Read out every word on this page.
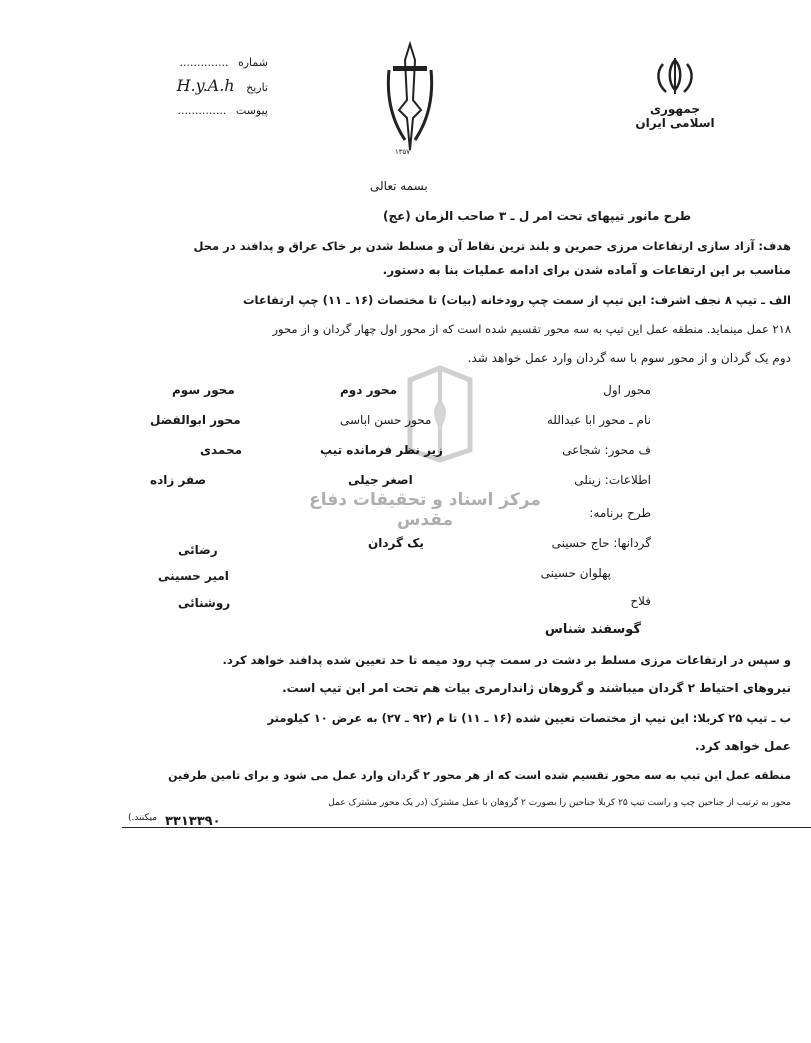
شماره ..............
تاریخ H.y.A.h
پیوست ..............
۱۳۵۷
جمهوری اسلامی ایران
مرکز اسناد و تحقیقات دفاع مقدس
بسمه تعالی
طرح مانور تیپهای تحت امر ل ـ ۳ صاحب الزمان (عج)
هدف: آزاد سازی ارتفاعات مرزی حمرین و بلند ترین نقاط آن و مسلط شدن بر خاک عراق و پدافند در محل
مناسب بر این ارتفاعات و آماده شدن برای ادامه عملیات بنا به دستور.
الف ـ تیپ ۸ نجف اشرف: این تیپ از سمت چپ رودخانه (بیات) تا مختصات (۱۶ ـ ۱۱) چپ ارتفاعات
۲۱۸ عمل مینماید. منطقه عمل این تیپ به سه محور تقسیم شده است که از محور اول چهار گردان و از محور
دوم یک گردان و از محور سوم با سه گردان وارد عمل خواهد شد.
محور اول
محور دوم
محور سوم
نام ـ محور ابا عبدالله
محور حسن اباسی
محور ابوالفضل
ف محور: شجاعی
زیر نظر فرمانده تیپ
محمدی
اطلاعات: زینلی
اصغر جیلی
صفر زاده
طرح برنامه:
گردانها: حاج حسینی
یک گردان
رضائی
پهلوان حسینی
امیر حسینی
فلاح
روشنائی
گوسفند شناس
و سپس در ارتفاعات مرزی مسلط بر دشت در سمت چپ رود میمه تا حد تعیین شده پدافند خواهد کرد.
نیروهای احتیاط ۲ گردان میباشند و گروهان ژاندارمری بیات هم تحت امر این تیپ است.
ب ـ تیپ ۲۵ کربلا: این تیپ از مختصات تعیین شده (۱۶ ـ ۱۱) تا م (۹۲ ـ ۲۷) به عرض ۱۰ کیلومتر
عمل خواهد کرد.
منطقه عمل این تیپ به سه محور تقسیم شده است که از هر محور ۲ گردان وارد عمل می شود و برای تامین طرفین
محور به ترتیب از جناحین چپ و راست تیپ ۲۵ کربلا جناحین را بصورت ۲ گروهان با عمل مشترک (در یک محور مشترک عمل
میکنند.) ۳۳۱۳۳۹۰
